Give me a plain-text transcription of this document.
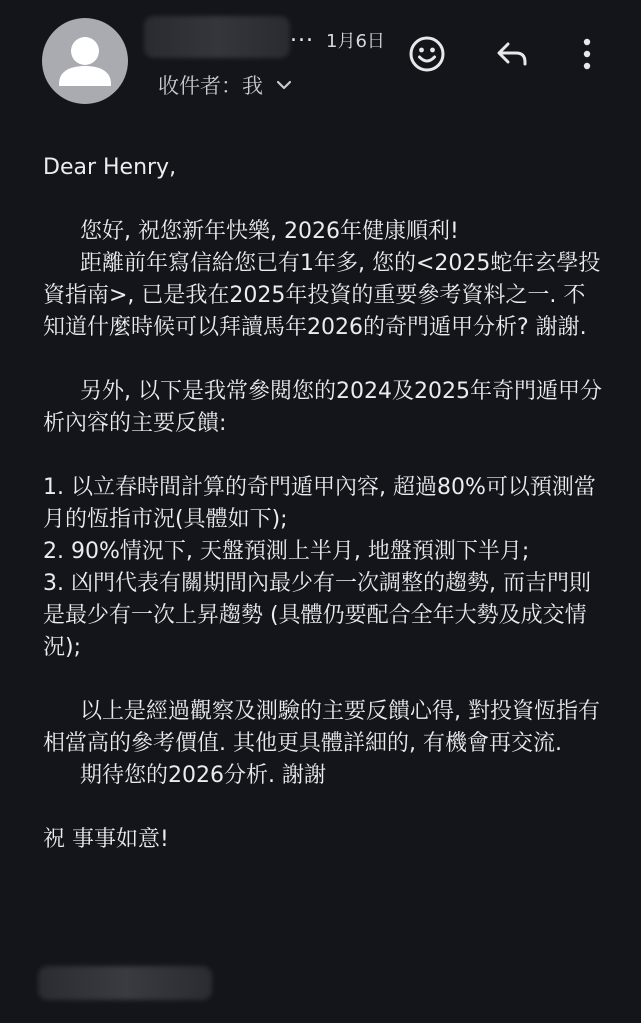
... 1月6日
收件者：我

Dear Henry,

您好, 祝您新年快樂, 2026年健康順利!

距離前年寫信給您已有1年多, 您的<2025蛇年玄學投資指南>, 已是我在2025年投資的重要參考資料之一. 不知道什麼時候可以拜讀馬年2026的奇門遁甲分析? 謝謝.

另外, 以下是我常參閱您的2024及2025年奇門遁甲分析內容的主要反饋:

1. 以立春時間計算的奇門遁甲內容, 超過80%可以預測當月的恆指市況(具體如下);

2. 90%情況下, 天盤預測上半月, 地盤預測下半月;

3. 凶門代表有關期間內最少有一次調整的趨勢, 而吉門則是最少有一次上昇趨勢 (具體仍要配合全年大勢及成交情況);

以上是經過觀察及測驗的主要反饋心得, 對投資恆指有相當高的參考價值. 其他更具體詳細的, 有機會再交流.

期待您的2026分析. 謝謝

祝 事事如意!
